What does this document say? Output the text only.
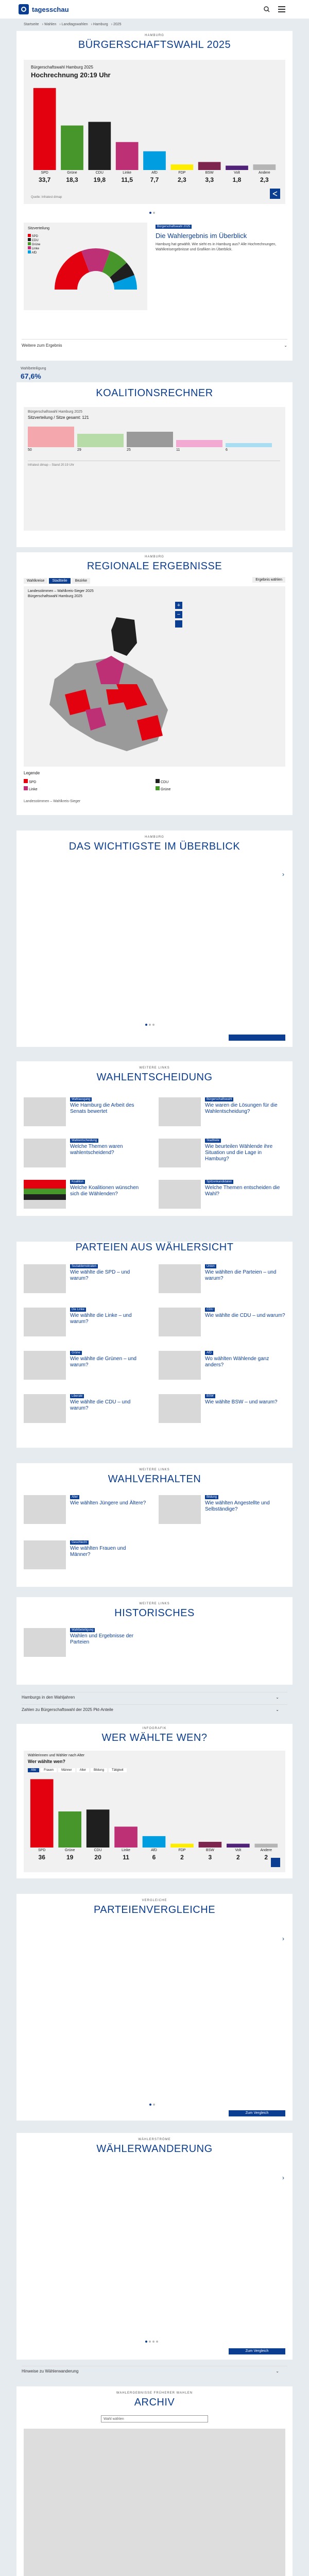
tagesschau
Startseite › Wahlen › Landtagswahlen › Hamburg › 2025
HAMBURG
BÜRGERSCHAFTSWAHL 2025
Bürgerschaftswahl Hamburg 2025
Hochrechnung 20:19 Uhr
SPD
33,7
Grüne
18,3
CDU
19,8
Linke
11,5
AfD
7,7
FDP
2,3
BSW
3,3
Volt
1,8
Andere
2,3
Quelle: Infratest dimap
Sitzverteilung
SPD
CDU
Grüne
Linke
AfD
Bürgerschaftswahl 2025
Die Wahlergebnis im Überblick
Hamburg hat gewählt. Wie sieht es in Hamburg aus? Alle Hochrechnungen, Wahlkreisergebnisse und Grafiken im Überblick.
Weitere zum Ergebnis	⌄
Wahlbeteiligung
67,6%
KOALITIONSRECHNER
Bürgerschaftswahl Hamburg 2025
Sitzverteilung / Sitze gesamt: 121
50	29	25	11	6
Infratest dimap – Stand 20:19 Uhr
HAMBURG
REGIONALE ERGEBNISSE
Wahlkreise Stadtteile Bezirke	Ergebnis wählen
Landesstimmen – Wahlkreis-Sieger 2025
Bürgerschaftswahl Hamburg 2025
+
−
Legende
SPD
Linke
CDU
Grüne
Landesstimmen – Wahlkreis-Sieger
HAMBURG
DAS WICHTIGSTE IM ÜBERBLICK
›
WEITERE LINKS
WAHLENTSCHEIDUNG
Wahlausgang
Wie Hamburg die Arbeit des Senats bewertet
Bürgerschaftswahl
Wie waren die Lösungen für die Wahlentscheidung?
Wahlentscheidung
Welche Themen waren wahlentscheidend?
Stadtteile
Wie beurteilen Wählende ihre Situation und die Lage in Hamburg?
Koalition
Welche Koalitionen wünschen sich die Wählenden?
Spitzenkandidaten
Welche Themen entscheiden die Wahl?
PARTEIEN AUS WÄHLERSICHT
Sozialdemokraten
Wie wählte die SPD – und warum?
Union
Wie wählten die Parteien – und warum?
Die Linke
Wie wählte die Linke – und warum?
CDU
Wie wählte die CDU – und warum?
Grüne
Wie wählte die Grünen – und warum?
AfD
Wo wählten Wählende ganz anders?
Liberale
Wie wählte die CDU – und warum?
BSW
Wie wählte BSW – und warum?
WEITERE LINKS
WAHLVERHALTEN
Alter
Wie wählten Jüngere und Ältere?
Bildung
Wie wählten Angestellte und Selbständige?
Geschlecht
Wie wählten Frauen und Männer?
WEITERE LINKS
HISTORISCHES
Wahlbeteiligung
Wahlen und Ergebnisse der Parteien
Hamburgs in den Wahljahren	⌄
Zahlen zu Bürgerschaftswahl der 2025 Pkt-Anteile	⌄
INFOGRAFIK
WER WÄHLTE WEN?
Wählerinnen und Wähler nach Alter
Wer wählte wen?
Alle	Frauen	Männer	Alter	Bildung	Tätigkeit
SPD
36
Grüne
19
CDU
20
Linke
11
AfD
6
FDP
2
BSW
3
Volt
2
Andere
2
VERGLEICHE
PARTEIENVERGLEICHE
›
Zum Vergleich
WÄHLERSTRÖME
WÄHLERWANDERUNG
›
Zum Vergleich
Hinweise zu Wählerwanderung	⌄
WAHLERGEBNISSE FRÜHERER WAHLEN
ARCHIV
Wahl wählen
